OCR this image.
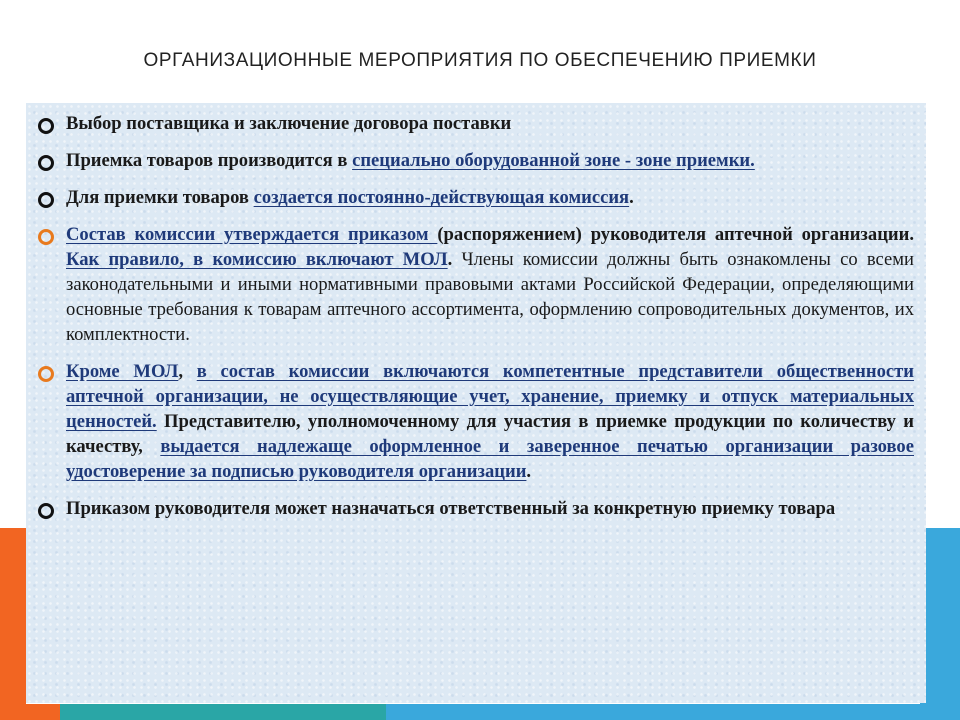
ОРГАНИЗАЦИОННЫЕ МЕРОПРИЯТИЯ ПО ОБЕСПЕЧЕНИЮ ПРИЕМКИ
Выбор поставщика и заключение договора поставки
Приемка товаров производится в специально оборудованной зоне - зоне приемки.
Для приемки товаров создается постоянно-действующая комиссия.
Состав комиссии утверждается приказом (распоряжением) руководителя аптечной организации. Как правило, в комиссию включают МОЛ. Члены комиссии должны быть ознакомлены со всеми законодательными и иными нормативными правовыми актами Российской Федерации, определяющими основные требования к товарам аптечного ассортимента, оформлению сопроводительных документов, их комплектности.
Кроме МОЛ, в состав комиссии включаются компетентные представители общественности аптечной организации, не осуществляющие учет, хранение, приемку и отпуск материальных ценностей. Представителю, уполномоченному для участия в приемке продукции по количеству и качеству, выдается надлежаще оформленное и заверенное печатью организации разовое удостоверение за подписью руководителя организации.
Приказом руководителя может назначаться ответственный за конкретную приемку товара
